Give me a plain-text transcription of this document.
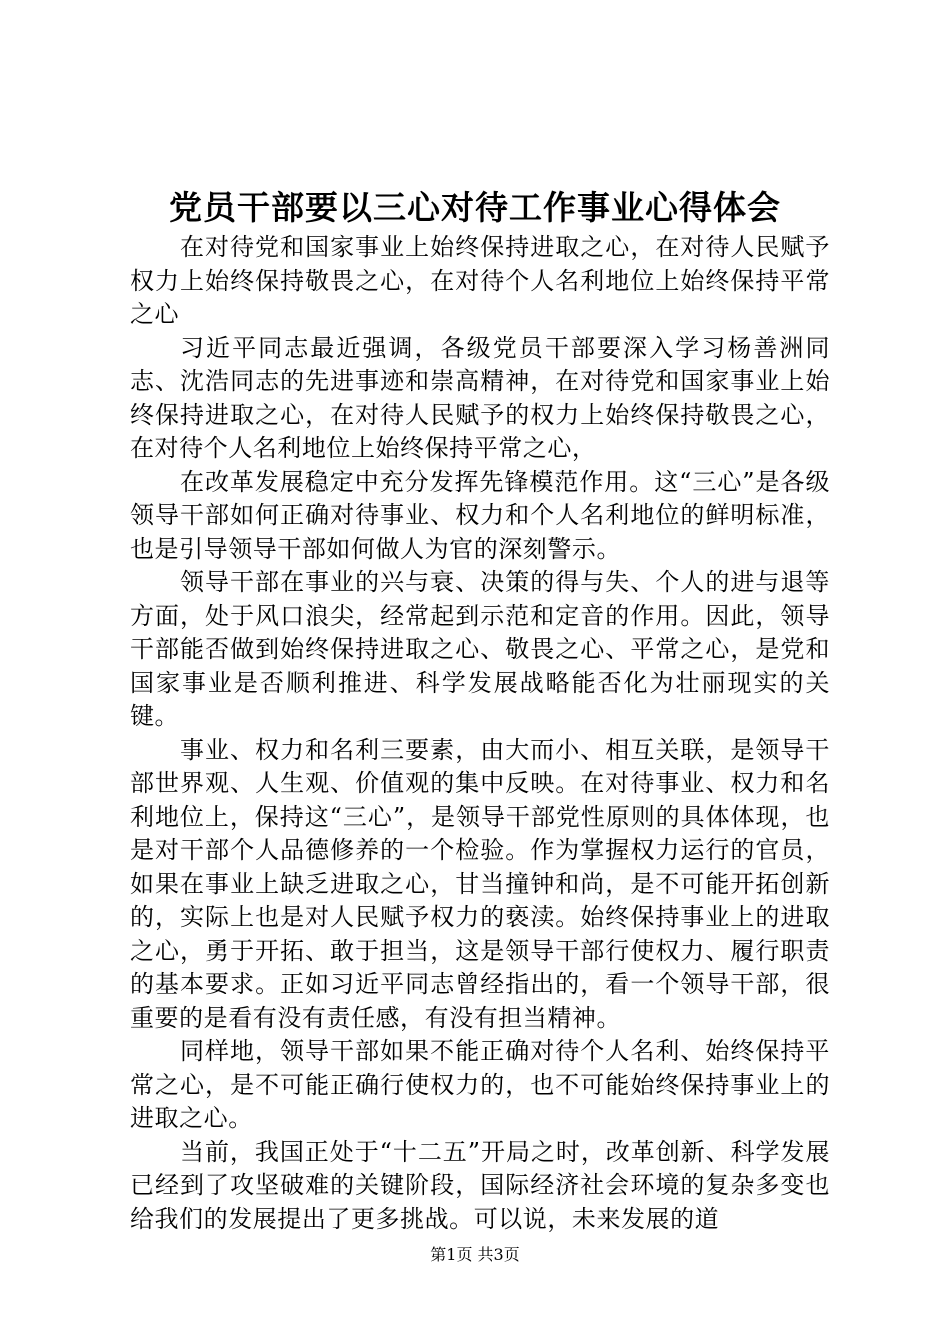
党员干部要以三心对待工作事业心得体会

在对待党和国家事业上始终保持进取之心，在对待人民赋予权力上始终保持敬畏之心，在对待个人名利地位上始终保持平常之心

习近平同志最近强调，各级党员干部要深入学习杨善洲同志、沈浩同志的先进事迹和崇高精神，在对待党和国家事业上始终保持进取之心，在对待人民赋予的权力上始终保持敬畏之心，在对待个人名利地位上始终保持平常之心，

在改革发展稳定中充分发挥先锋模范作用。这“三心”是各级领导干部如何正确对待事业、权力和个人名利地位的鲜明标准，也是引导领导干部如何做人为官的深刻警示。

领导干部在事业的兴与衰、决策的得与失、个人的进与退等方面，处于风口浪尖，经常起到示范和定音的作用。因此，领导干部能否做到始终保持进取之心、敬畏之心、平常之心，是党和国家事业是否顺利推进、科学发展战略能否化为壮丽现实的关键。

事业、权力和名利三要素，由大而小、相互关联，是领导干部世界观、人生观、价值观的集中反映。在对待事业、权力和名利地位上，保持这“三心”，是领导干部党性原则的具体体现，也是对干部个人品德修养的一个检验。作为掌握权力运行的官员，如果在事业上缺乏进取之心，甘当撞钟和尚，是不可能开拓创新的，实际上也是对人民赋予权力的亵渎。始终保持事业上的进取之心，勇于开拓、敢于担当，这是领导干部行使权力、履行职责的基本要求。正如习近平同志曾经指出的，看一个领导干部，很重要的是看有没有责任感，有没有担当精神。

同样地，领导干部如果不能正确对待个人名利、始终保持平常之心，是不可能正确行使权力的，也不可能始终保持事业上的进取之心。

当前，我国正处于“十二五”开局之时，改革创新、科学发展已经到了攻坚破难的关键阶段，国际经济社会环境的复杂多变也给我们的发展提出了更多挑战。可以说，未来发展的道

第1页 共3页
